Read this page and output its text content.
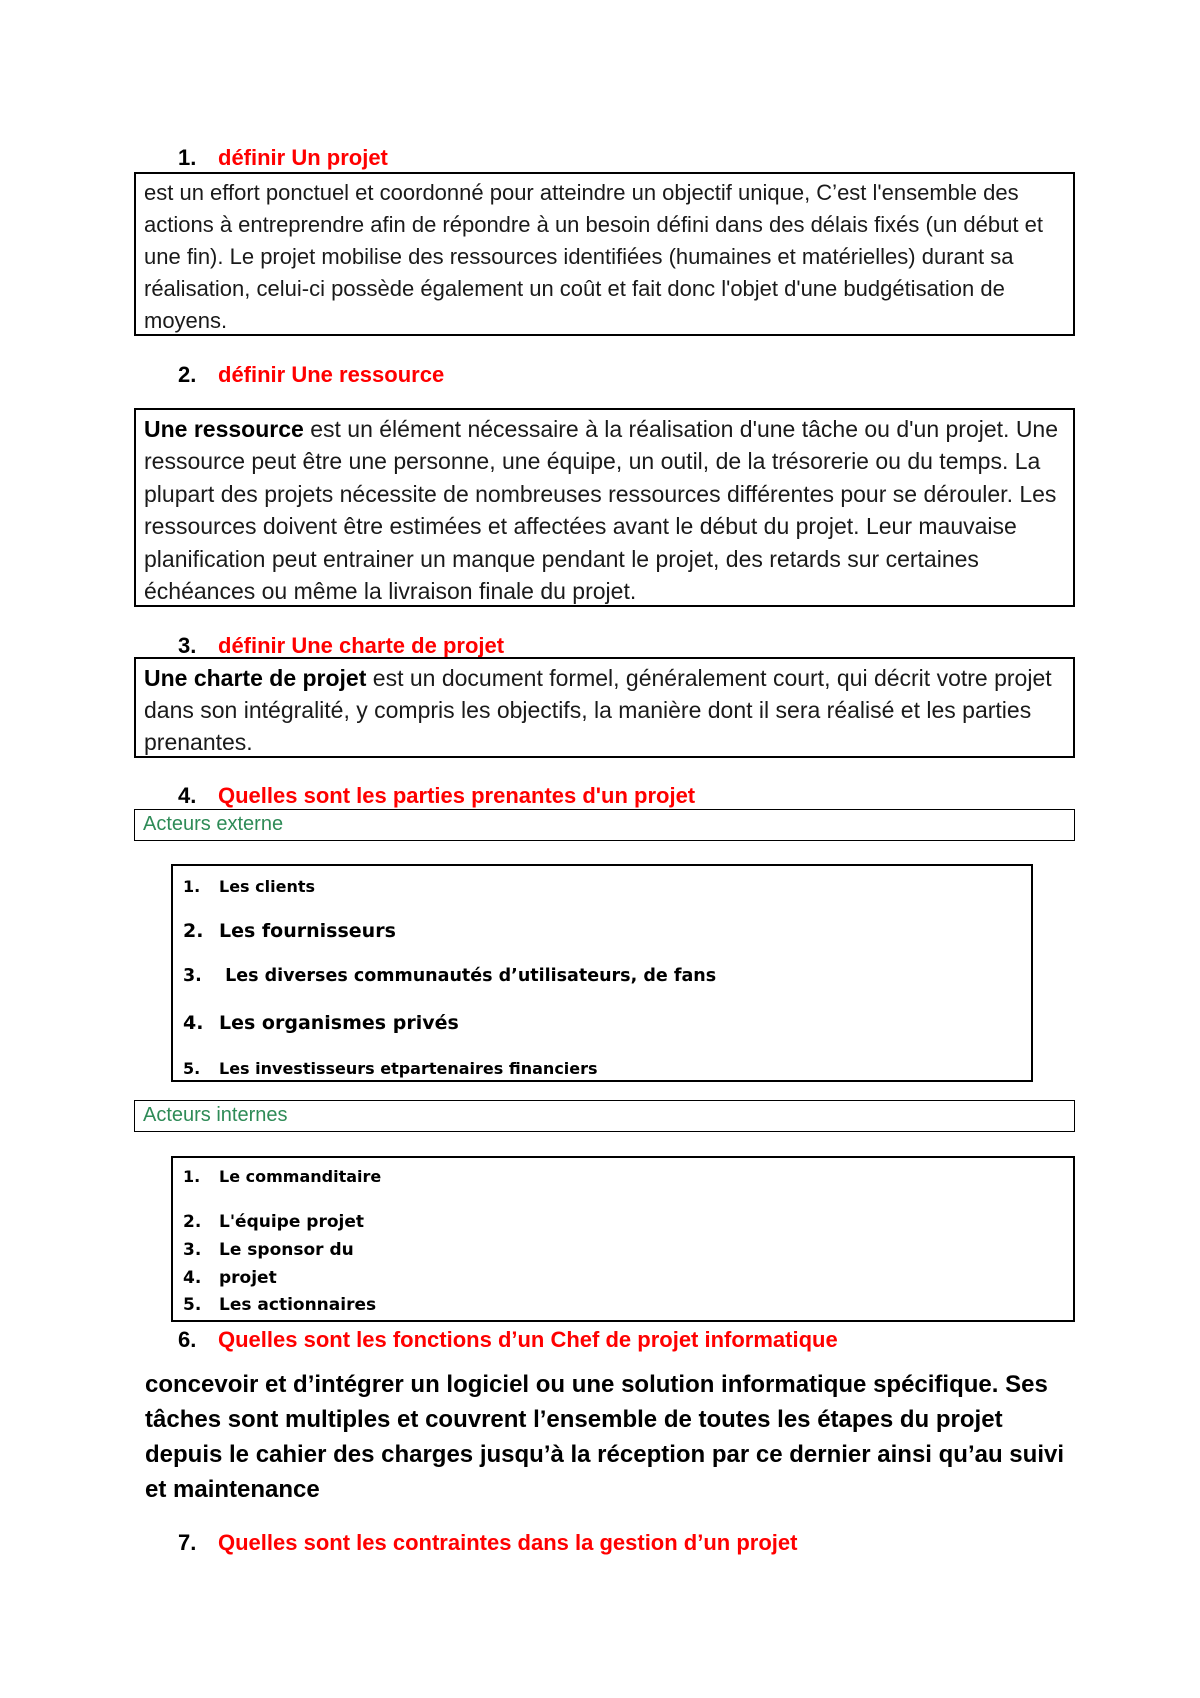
1. définir Un projet
est un effort ponctuel et coordonné pour atteindre un objectif unique, C’est l'ensemble des actions à entreprendre afin de répondre à un besoin défini dans des délais fixés (un début et une fin). Le projet mobilise des ressources identifiées (humaines et matérielles) durant sa réalisation, celui-ci possède également un coût et fait donc l'objet d'une budgétisation de moyens.
2. définir Une ressource
Une ressource est un élément nécessaire à la réalisation d'une tâche ou d'un projet. Une ressource peut être une personne, une équipe, un outil, de la trésorerie ou du temps. La plupart des projets nécessite de nombreuses ressources différentes pour se dérouler. Les ressources doivent être estimées et affectées avant le début du projet. Leur mauvaise planification peut entrainer un manque pendant le projet, des retards sur certaines échéances ou même la livraison finale du projet.
3. définir Une charte de projet
Une charte de projet est un document formel, généralement court, qui décrit votre projet dans son intégralité, y compris les objectifs, la manière dont il sera réalisé et les parties prenantes.
4. Quelles sont les parties prenantes d'un projet
Acteurs externe
1. Les clients
2. Les fournisseurs
3. Les diverses communautés d’utilisateurs, de fans
4. Les organismes privés
5. Les investisseurs etpartenaires financiers
Acteurs internes
1. Le commanditaire
2. L'équipe projet
3. Le sponsor du
4. projet
5. Les actionnaires
6. Quelles sont les fonctions d’un Chef de projet informatique
concevoir et d’intégrer un logiciel ou une solution informatique spécifique. Ses tâches sont multiples et couvrent l’ensemble de toutes les étapes du projet depuis le cahier des charges jusqu’à la réception par ce dernier ainsi qu’au suivi et maintenance
7. Quelles sont les contraintes dans la gestion d’un projet
